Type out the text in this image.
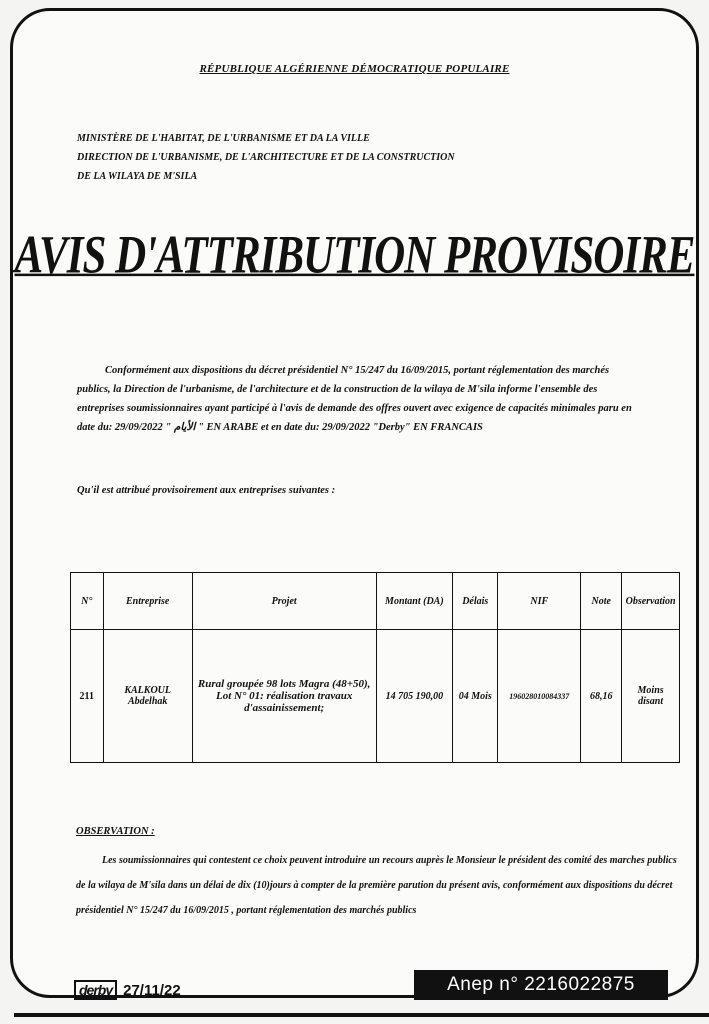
RÉPUBLIQUE ALGÉRIENNE DÉMOCRATIQUE POPULAIRE
MINISTÈRE DE L'HABITAT, DE L'URBANISME ET DA LA VILLE
DIRECTION DE L'URBANISME, DE L'ARCHITECTURE ET DE LA CONSTRUCTION
DE LA WILAYA DE M'SILA
AVIS D'ATTRIBUTION PROVISOIRE
Conformément aux dispositions du décret présidentiel N° 15/247 du 16/09/2015, portant réglementation des marchés publics, la Direction de l'urbanisme, de l'architecture et de la construction de la wilaya de M'sila informe l'ensemble des entreprises soumissionnaires ayant participé à l'avis de demande des offres ouvert avec exigence de capacités minimales paru en date du: 29/09/2022 " الأيام " EN ARABE et en date du: 29/09/2022 "Derby" EN FRANCAIS
Qu'il est attribué provisoirement aux entreprises suivantes :
N°	Entreprise	Projet	Montant (DA)	Délais	NIF	Note	Observation
211	KALKOUL Abdelhak	Rural groupée 98 lots Magra (48+50), Lot N° 01: réalisation travaux d'assainissement;	14 705 190,00	04 Mois	196028010084337	68,16	Moins disant
OBSERVATION :
Les soumissionnaires qui contestent ce choix peuvent introduire un recours auprès le Monsieur le président des comité des marches publics de la wilaya de M'sila dans un délai de dix (10)jours à compter de la première parution du présent avis, conformément aux dispositions du décret présidentiel N° 15/247 du 16/09/2015 , portant réglementation des marchés publics
derby 27/11/22	Anep n° 2216022875
